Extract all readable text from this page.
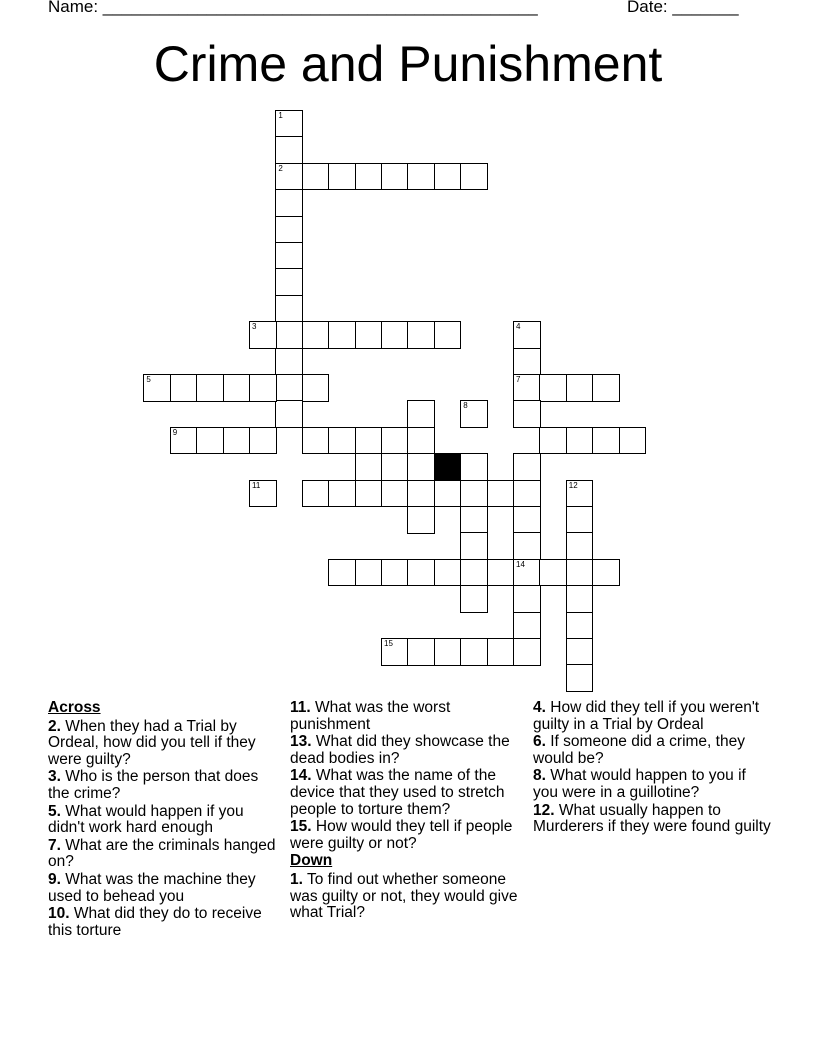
Name: ______________________________________________	Date: _______
Crime and Punishment
1
2
3
5	7
9
11
8
4
14
12
15
Across
2. When they had a Trial by Ordeal, how did you tell if they were guilty?
3. Who is the person that does the crime?
5. What would happen if you didn't work hard enough
7. What are the criminals hanged on?
9. What was the machine they used to behead you
10. What did they do to receive this torture
11. What was the worst punishment
13. What did they showcase the dead bodies in?
14. What was the name of the device that they used to stretch people to torture them?
15. How would they tell if people were guilty or not?
Down
1. To find out whether someone was guilty or not, they would give what Trial?
4. How did they tell if you weren't guilty in a Trial by Ordeal
6. If someone did a crime, they would be?
8. What would happen to you if you were in a guillotine?
12. What usually happen to Murderers if they were found guilty
